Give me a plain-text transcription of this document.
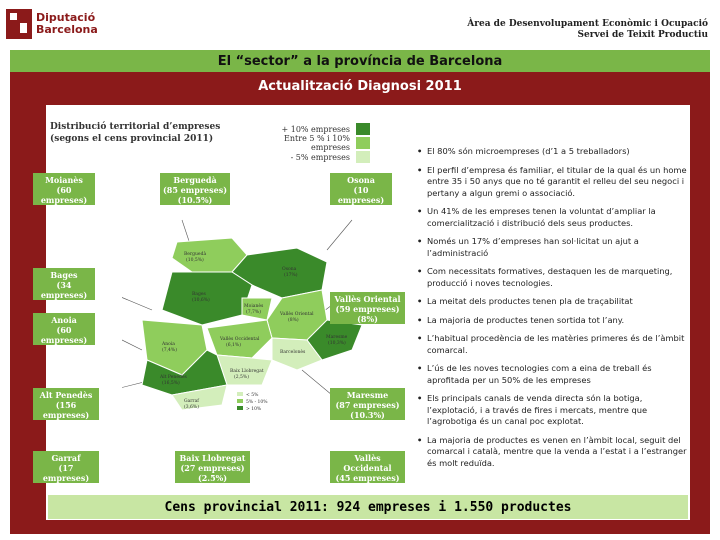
Diputació
Barcelona	Àrea de Desenvolupament Econòmic i Ocupació
Servei de Teixit Productiu
El “sector” a la província de Barcelona
Actualització Diagnosi 2011
Distribució territorial d’empreses
(segons el cens provincial 2011)
+ 10% empreses
Entre 5 % i 10% empreses
- 5% empreses
Berguedà
(10,5%)
Osona
(17%)
Bages
(10,6%)
Moianès
(7,7%)
Anoia
(7,4%)
Vallès Oriental
(8%)
Vallès Occidental
(6,1%)
Maresme
(10,3%)
Alt Penedès
(16,5%)
Baix Llobregat
(2,5%)
Garraf
(3,6%)
Barcelonès
< 5%
5% - 10%
> 10%
Moianès
(60 empreses)
(7.7%)
Berguedà
(85 empreses)
(10.5%)
Osona
(10 empreses)
(17%)
Bages
(34 empreses)
(10.6%)
Anoia
(60 empreses)
(7.4%)
Vallès Oriental
(59 empreses)
(8%)
Alt Penedès
(156 empreses)
(16.5%)
Maresme
(87 empreses)
(10.3%)
Garraf
(17 empreses)
(3.6%)
Baix Llobregat
(27 empreses)
(2.5%)
Vallès Occidental
(45 empreses)
(6.1%)
• El 80% són microempreses (d’1 a 5 treballadors)
• El perfil d’empresa és familiar, el titular de la qual és un home entre 35 i 50 anys que no té garantit el relleu del seu negoci i pertany a algun gremi o associació.
• Un 41% de les empreses tenen la voluntat d’ampliar la comercialització i distribució dels seus productes.
• Només un 17% d’empreses han sol·licitat un ajut a l’administració
• Com necessitats formatives, destaquen les de marqueting, producció i noves tecnologies.
• La meitat dels productes tenen pla de traçabilitat
• La majoria de productes tenen sortida tot l’any.
• L’habitual procedència de les matèries primeres és de l’àmbit comarcal.
• L’ús de les noves tecnologies com a eina de treball és aprofitada per un 50% de les empreses
• Els principals canals de venda directa són la botiga, l’explotació, i a través de fires i mercats, mentre que l’agrobotiga és un canal poc explotat.
• La majoria de productes es venen en l’àmbit local, seguit del comarcal i català, mentre que la venda a l’estat i a l’estranger és molt reduïda.
Cens provincial 2011: 924 empreses i 1.550 productes
